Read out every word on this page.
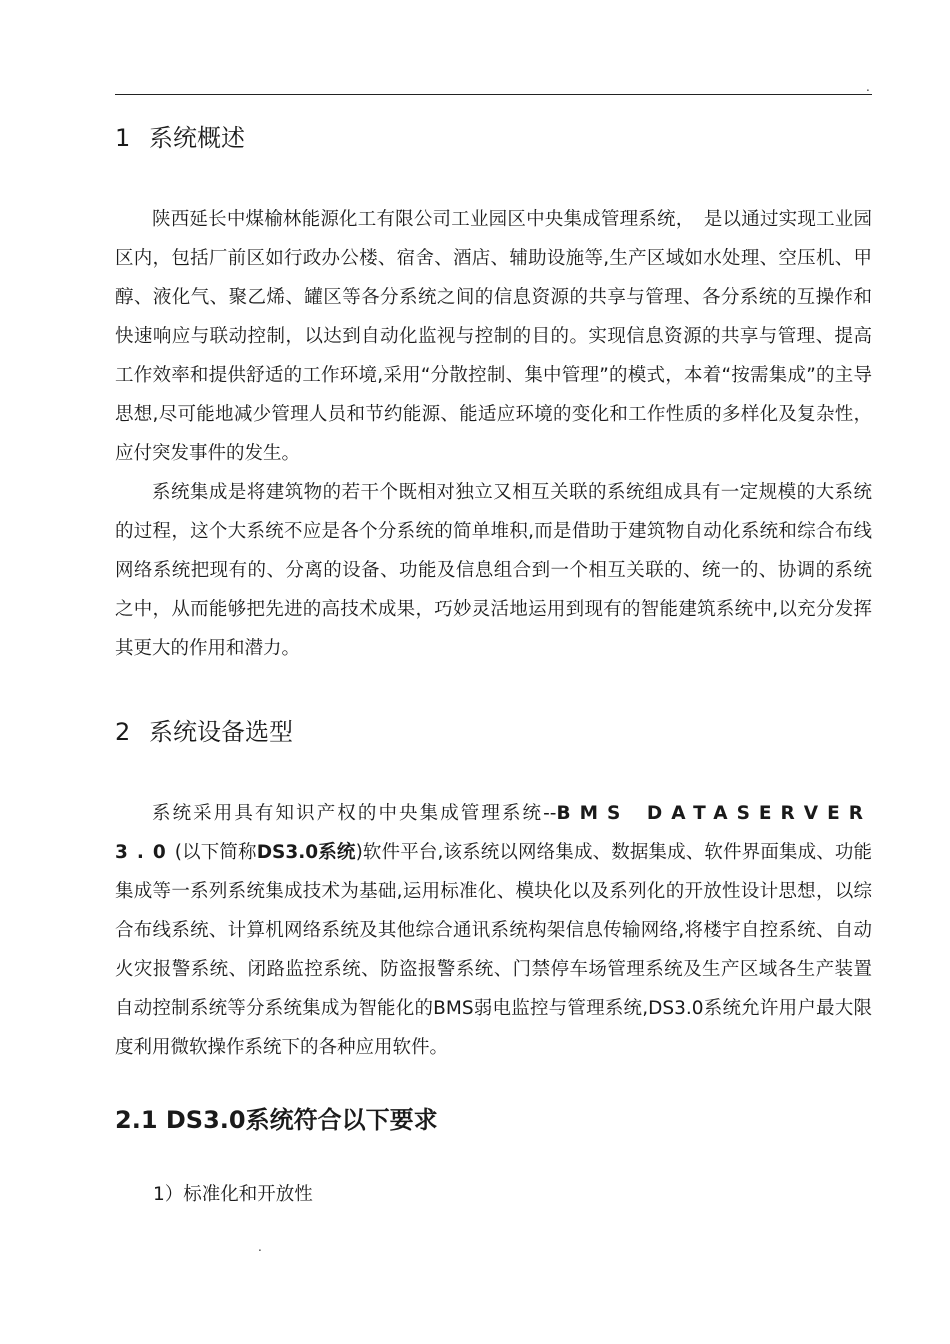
.
1 系统概述

陕西延长中煤榆林能源化工有限公司工业园区中央集成管理系统，　是以通过实现工业园区内，包括厂前区如行政办公楼、宿舍、酒店、辅助设施等,生产区域如水处理、空压机、甲醇、液化气、聚乙烯、罐区等各分系统之间的信息资源的共享与管理、各分系统的互操作和快速响应与联动控制，以达到自动化监视与控制的目的。实现信息资源的共享与管理、提高工作效率和提供舒适的工作环境,采用“分散控制、集中管理”的模式，本着“按需集成”的主导思想,尽可能地减少管理人员和节约能源、能适应环境的变化和工作性质的多样化及复杂性，应付突发事件的发生。

系统集成是将建筑物的若干个既相对独立又相互关联的系统组成具有一定规模的大系统的过程，这个大系统不应是各个分系统的简单堆积,而是借助于建筑物自动化系统和综合布线网络系统把现有的、分离的设备、功能及信息组合到一个相互关联的、统一的、协调的系统之中，从而能够把先进的高技术成果，巧妙灵活地运用到现有的智能建筑系统中,以充分发挥其更大的作用和潜力。

2 系统设备选型

系统采用具有知识产权的中央集成管理系统--BMS DATASERVER 3.0(以下简称DS3.0系统)软件平台,该系统以网络集成、数据集成、软件界面集成、功能集成等一系列系统集成技术为基础,运用标准化、模块化以及系列化的开放性设计思想，以综合布线系统、计算机网络系统及其他综合通讯系统构架信息传输网络,将楼宇自控系统、自动火灾报警系统、闭路监控系统、防盗报警系统、门禁停车场管理系统及生产区域各生产装置自动控制系统等分系统集成为智能化的BMS弱电监控与管理系统,DS3.0系统允许用户最大限度利用微软操作系统下的各种应用软件。

2.1 DS3.0系统符合以下要求
1）标准化和开放性
.
